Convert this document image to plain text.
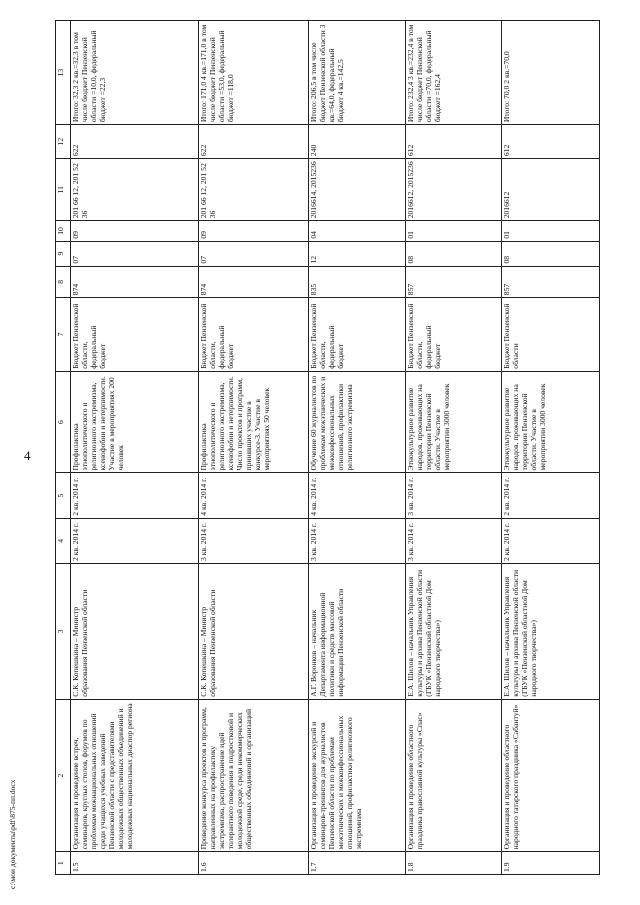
4
c:\мои документы\pdf\875-пп.docx	1	2	3	4	5	6	7	8	9	10	11	12	13
1.5	Организация и проведение встреч, семинаров, круглых столов, форумов по проблемам межнациональных отношений среди учащихся учебных заведений Пензенской области с представителями молодежных общественных объединений и молодежных национальных диаспор региона	С.К. Копешкина – Министр образования Пензенской области	2 кв. 2014 г.	2 кв. 2014 г.	Профилактика этнополитического и религиозного экстремизма, ксенофобии и нетерпимости. Участие в мероприятиях 200 человек	Бюджет Пензенской области, федеральный бюджет	874	07	09	201 66 12, 201 52 36	622	Итого: 32,3 2 кв.=32,3 в том числе бюджет Пензенской области =10,0, федеральный бюджет =22,3
1.6	Проведение конкурса проектов и программ, направленных на профилактику экстремизма, распространение идей толерантного поведения в подростковой и молодежной среде, среди некоммерческих общественных объединений и организаций	С.К. Копешкина – Министр образования Пензенской области	3 кв. 2014 г.	4 кв. 2014 г.	Профилактика этнополитического и религиозного экстремизма, ксенофобии и нетерпимости. Число проектов и программ, принявших участие в конкурсе-3. Участие в мероприятиях 50 человек	Бюджет Пензенской области, федеральный бюджет	874	07	09	201 66 12, 201 52 36	622	Итого: 171,0 4 кв.=171,0 в том числе бюджет Пензенской области =53,0, федеральный бюджет =118,0
1.7	Организация и проведение экскурсий и семинаров-тренингов для журналистов Пензенской области по проблемам межэтнических и межконфессиональных отношений, профилактики религиозного экстремизма	А.Г. Воронков – начальник Департамента информационной политики и средств массовой информации Пензенской области	3 кв. 2014 г.	4 кв. 2014 г.	Обучение 60 журналистов по проблемам межэтнических и межконфессиональных отношений, профилактики религиозного экстремизма	Бюджет Пензенской области, федеральный бюджет	835	12	04	2016614, 2015236	240	Итого: 206,5 в том числе бюджет Пензенской области 3 кв.=64,0, федеральный бюджет 4 кв.=142,5
1.8	Организация и проведение областного праздника православной культуры «Спас»	Е.А. Шилов – начальник Управления культуры и архива Пензенской области (ГБУК «Пензенский областной Дом народного творчества»)	3 кв. 2014 г.	3 кв. 2014 г.	Этнокультурное развитие народов, проживающих на территории Пензенской области. Участие в мероприятии 3000 человек	Бюджет Пензенской области, федеральный бюджет	857	08	01	2016612, 2015236	612	Итого: 232,4 3 кв.=232,4 в том числе бюджет Пензенской области =70,0, федеральный бюджет =162,4
1.9	Организация и проведение областного народного татарского праздника «Сабантуй»	Е.А. Шилов – начальник Управления культуры и архива Пензенской области (ГБУК «Пензенский областной Дом народного творчества»)	2 кв. 2014 г.	2 кв. 2014 г.	Этнокультурное развитие народов, проживающих на территории Пензенской области. Участие в мероприятии 3000 человек	Бюджет Пензенской области	857	08	01	2016612	612	Итого: 70,0 2 кв.=70,0
